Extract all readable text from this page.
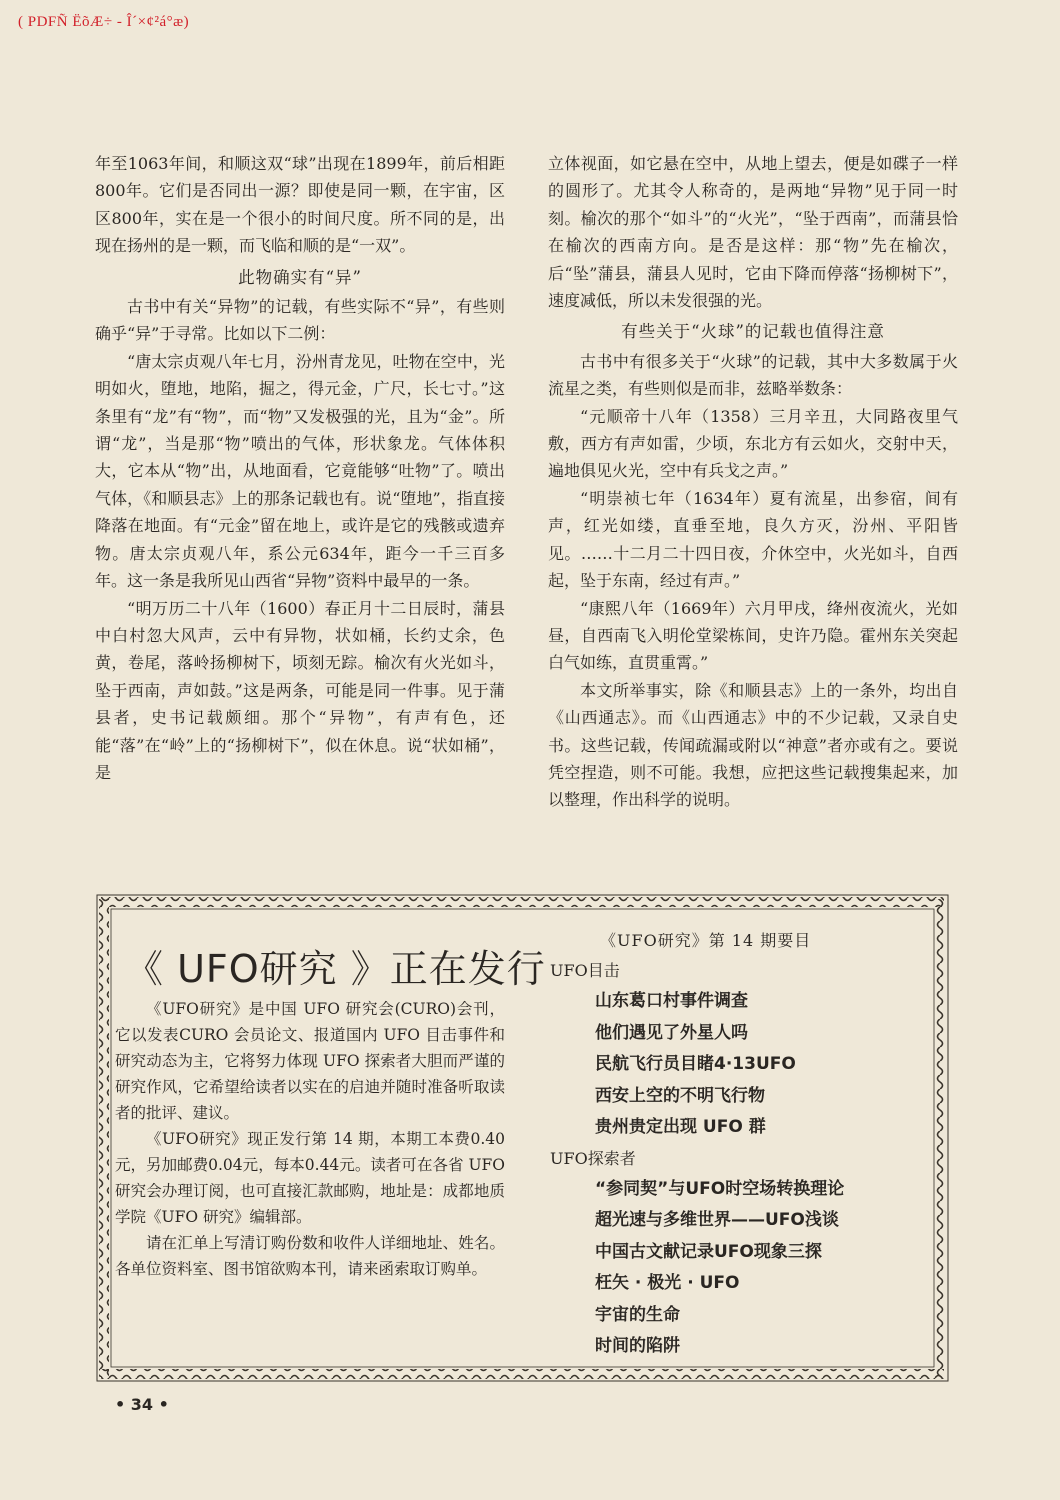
( PDFÑ ËõÆ÷ - Î´×¢²á°æ)

年至1063年间，和顺这双“球”出现在1899年，前后相距800年。它们是否同出一源？即使是同一颗，在宇宙，区区800年，实在是一个很小的时间尺度。所不同的是，出现在扬州的是一颗，而飞临和顺的是“一双”。

此物确实有“异”

古书中有关“异物”的记载，有些实际不“异”，有些则确乎“异”于寻常。比如以下二例：

“唐太宗贞观八年七月，汾州青龙见，吐物在空中，光明如火，堕地，地陷，掘之，得元金，广尺，长七寸。”这条里有“龙”有“物”，而“物”又发极强的光，且为“金”。所谓“龙”，当是那“物”喷出的气体，形状象龙。气体体积大，它本从“物”出，从地面看，它竟能够“吐物”了。喷出气体，《和顺县志》上的那条记载也有。说“堕地”，指直接降落在地面。有“元金”留在地上，或许是它的残骸或遗弃物。唐太宗贞观八年，系公元634年，距今一千三百多年。这一条是我所见山西省“异物”资料中最早的一条。

“明万历二十八年（1600）春正月十二日辰时，蒲县中白村忽大风声，云中有异物，状如桶，长约丈余，色黄，卷尾，落岭扬柳树下，顷刻无踪。榆次有火光如斗，坠于西南，声如鼓。”这是两条，可能是同一件事。见于蒲县者，史书记载颇细。那个“异物”，有声有色，还能“落”在“岭”上的“扬柳树下”，似在休息。说“状如桶”，是

立体视面，如它悬在空中，从地上望去，便是如碟子一样的圆形了。尤其令人称奇的，是两地“异物”见于同一时刻。榆次的那个“如斗”的“火光”，“坠于西南”，而蒲县恰在榆次的西南方向。是否是这样：那“物”先在榆次，后“坠”蒲县，蒲县人见时，它由下降而停落“扬柳树下”，速度减低，所以未发很强的光。

有些关于“火球”的记载也值得注意

古书中有很多关于“火球”的记载，其中大多数属于火流星之类，有些则似是而非，兹略举数条：

“元顺帝十八年（1358）三月辛丑，大同路夜里气敷，西方有声如雷，少顷，东北方有云如火，交射中天，遍地俱见火光，空中有兵戈之声。”

“明崇祯七年（1634年）夏有流星，出参宿，间有声，红光如缕，直垂至地，良久方灭，汾州、平阳皆见。……十二月二十四日夜，介休空中，火光如斗，自西起，坠于东南，经过有声。”

“康熙八年（1669年）六月甲戌，绛州夜流火，光如昼，自西南飞入明伦堂梁栋间，史许乃隐。霍州东关突起白气如练，直贯重霄。”

本文所举事实，除《和顺县志》上的一条外，均出自《山西通志》。而《山西通志》中的不少记载，又录自史书。这些记载，传闻疏漏或附以“神意”者亦或有之。要说凭空捏造，则不可能。我想，应把这些记载搜集起来，加以整理，作出科学的说明。

《 UFO研究 》正在发行

《UFO研究》是中国 UFO 研究会(CURO)会刊，它以发表CURO 会员论文、报道国内 UFO 目击事件和研究动态为主，它将努力体现 UFO 探索者大胆而严谨的研究作风，它希望给读者以实在的启迪并随时准备听取读者的批评、建议。

《UFO研究》现正发行第 14 期，本期工本费0.40元，另加邮费0.04元，每本0.44元。读者可在各省 UFO 研究会办理订阅，也可直接汇款邮购，地址是：成都地质学院《UFO 研究》编辑部。

请在汇单上写清订购份数和收件人详细地址、姓名。各单位资料室、图书馆欲购本刊，请来函索取订购单。

《UFO研究》第 14 期要目
UFO目击
山东葛口村事件调查
他们遇见了外星人吗
民航飞行员目睹4·13UFO
西安上空的不明飞行物
贵州贵定出现 UFO 群
UFO探索者
“参同契”与UFO时空场转换理论
超光速与多维世界——UFO浅谈
中国古文献记录UFO现象三探
枉矢 · 极光 · UFO
宇宙的生命
时间的陷阱
• 34 •
